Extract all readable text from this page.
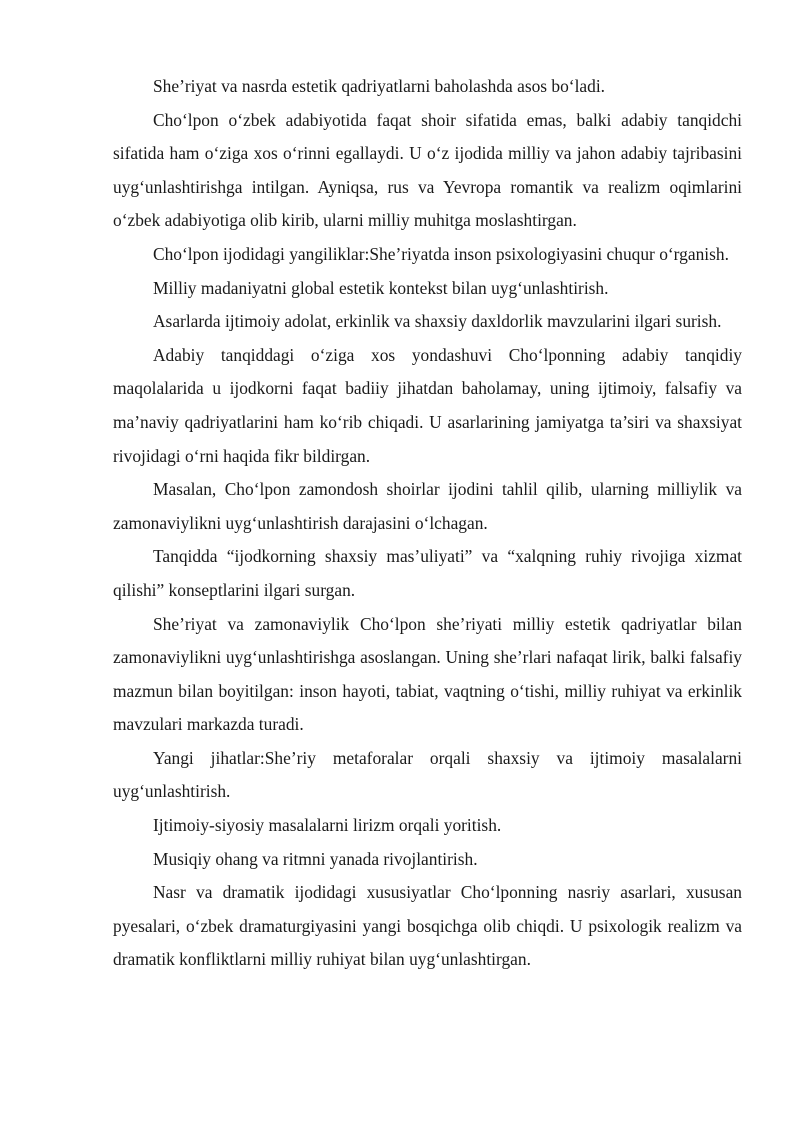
She’riyat va nasrda estetik qadriyatlarni baholashda asos bo‘ladi.

Cho‘lpon o‘zbek adabiyotida faqat shoir sifatida emas, balki adabiy tanqidchi sifatida ham o‘ziga xos o‘rinni egallaydi. U o‘z ijodida milliy va jahon adabiy tajribasini uyg‘unlashtirishga intilgan. Ayniqsa, rus va Yevropa romantik va realizm oqimlarini o‘zbek adabiyotiga olib kirib, ularni milliy muhitga moslashtirgan.

Cho‘lpon ijodidagi yangiliklar:She’riyatda inson psixologiyasini chuqur o‘rganish.

Milliy madaniyatni global estetik kontekst bilan uyg‘unlashtirish.

Asarlarda ijtimoiy adolat, erkinlik va shaxsiy daxldorlik mavzularini ilgari surish.

Adabiy tanqiddagi o‘ziga xos yondashuvi Cho‘lponning adabiy tanqidiy maqolalarida u ijodkorni faqat badiiy jihatdan baholamay, uning ijtimoiy, falsafiy va ma’naviy qadriyatlarini ham ko‘rib chiqadi. U asarlarining jamiyatga ta’siri va shaxsiyat rivojidagi o‘rni haqida fikr bildirgan.

Masalan, Cho‘lpon zamondosh shoirlar ijodini tahlil qilib, ularning milliylik va zamonaviylikni uyg‘unlashtirish darajasini o‘lchagan.

Tanqidda “ijodkorning shaxsiy mas’uliyati” va “xalqning ruhiy rivojiga xizmat qilishi” konseptlarini ilgari surgan.

She’riyat va zamonaviylik Cho‘lpon she’riyati milliy estetik qadriyatlar bilan zamonaviylikni uyg‘unlashtirishga asoslangan. Uning she’rlari nafaqat lirik, balki falsafiy mazmun bilan boyitilgan: inson hayoti, tabiat, vaqtning o‘tishi, milliy ruhiyat va erkinlik mavzulari markazda turadi.

Yangi jihatlar:She’riy metaforalar orqali shaxsiy va ijtimoiy masalalarni uyg‘unlashtirish.

Ijtimoiy-siyosiy masalalarni lirizm orqali yoritish.

Musiqiy ohang va ritmni yanada rivojlantirish.

Nasr va dramatik ijodidagi xususiyatlar Cho‘lponning nasriy asarlari, xususan pyesalari, o‘zbek dramaturgiyasini yangi bosqichga olib chiqdi. U psixologik realizm va dramatik konfliktlarni milliy ruhiyat bilan uyg‘unlashtirgan.
